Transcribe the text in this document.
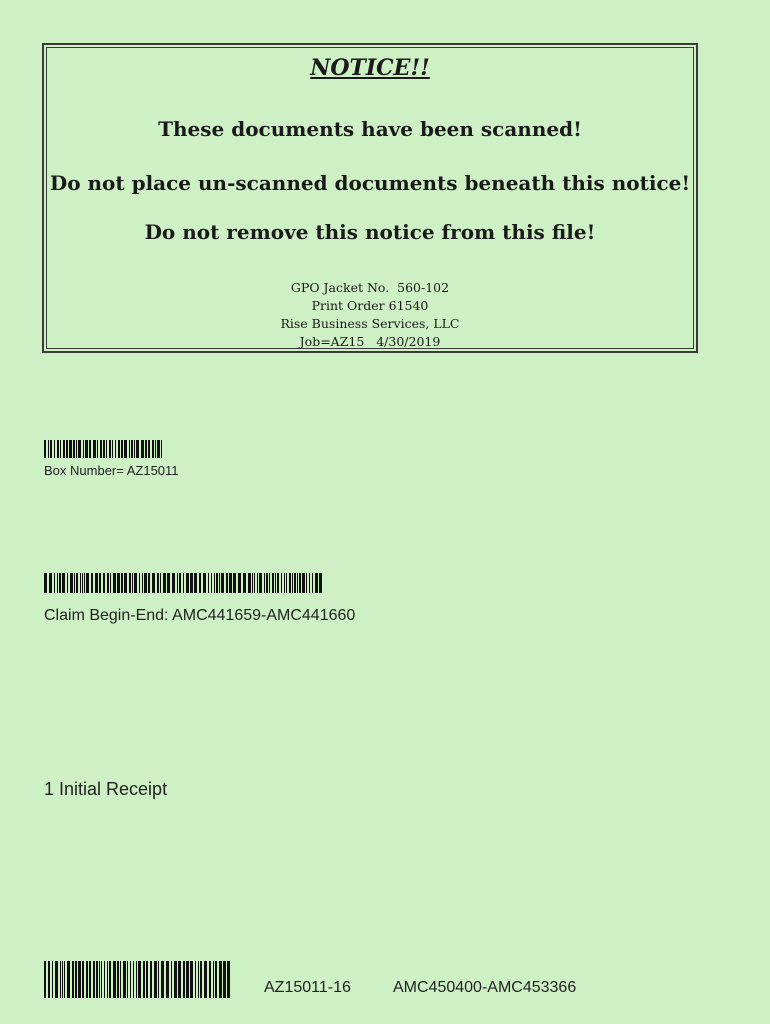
NOTICE!!
These documents have been scanned!
Do not place un-scanned documents beneath this notice!
Do not remove this notice from this file!
GPO Jacket No.  560-102
Print Order 61540
Rise Business Services, LLC
Job=AZ15   4/30/2019
Box Number= AZ15011
Claim Begin-End: AMC441659-AMC441660
1 Initial Receipt
AZ15011-16	AMC450400-AMC453366
